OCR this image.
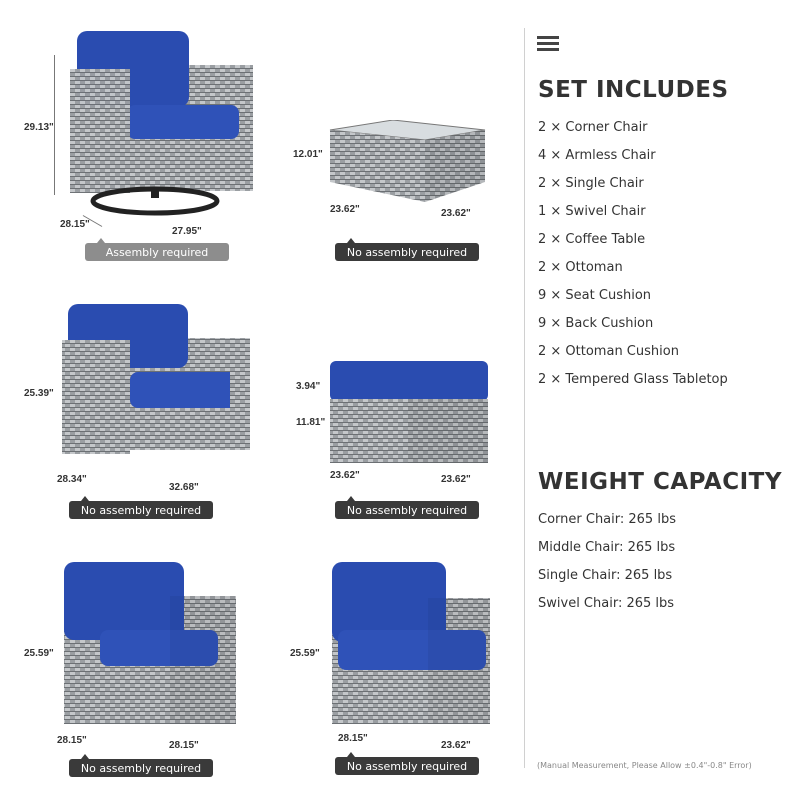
29.13"
28.15"
27.95"
Assembly required
12.01"
23.62"	23.62"
No assembly required
25.39"
28.34"
32.68"
No assembly required
3.94"
11.81"
23.62"	23.62"
No assembly required
25.59"
28.15"	28.15"
No assembly required
25.59"
28.15"
23.62"
No assembly required
SET INCLUDES
2 × Corner Chair
4 × Armless Chair
2 × Single Chair
1 × Swivel Chair
2 × Coffee Table
2 × Ottoman
9 × Seat Cushion
9 × Back Cushion
2 × Ottoman Cushion
2 × Tempered Glass Tabletop
WEIGHT CAPACITY
Corner Chair: 265 lbs
Middle Chair: 265 lbs
Single Chair: 265 lbs
Swivel Chair: 265 lbs
(Manual Measurement, Please Allow ±0.4"-0.8" Error)
